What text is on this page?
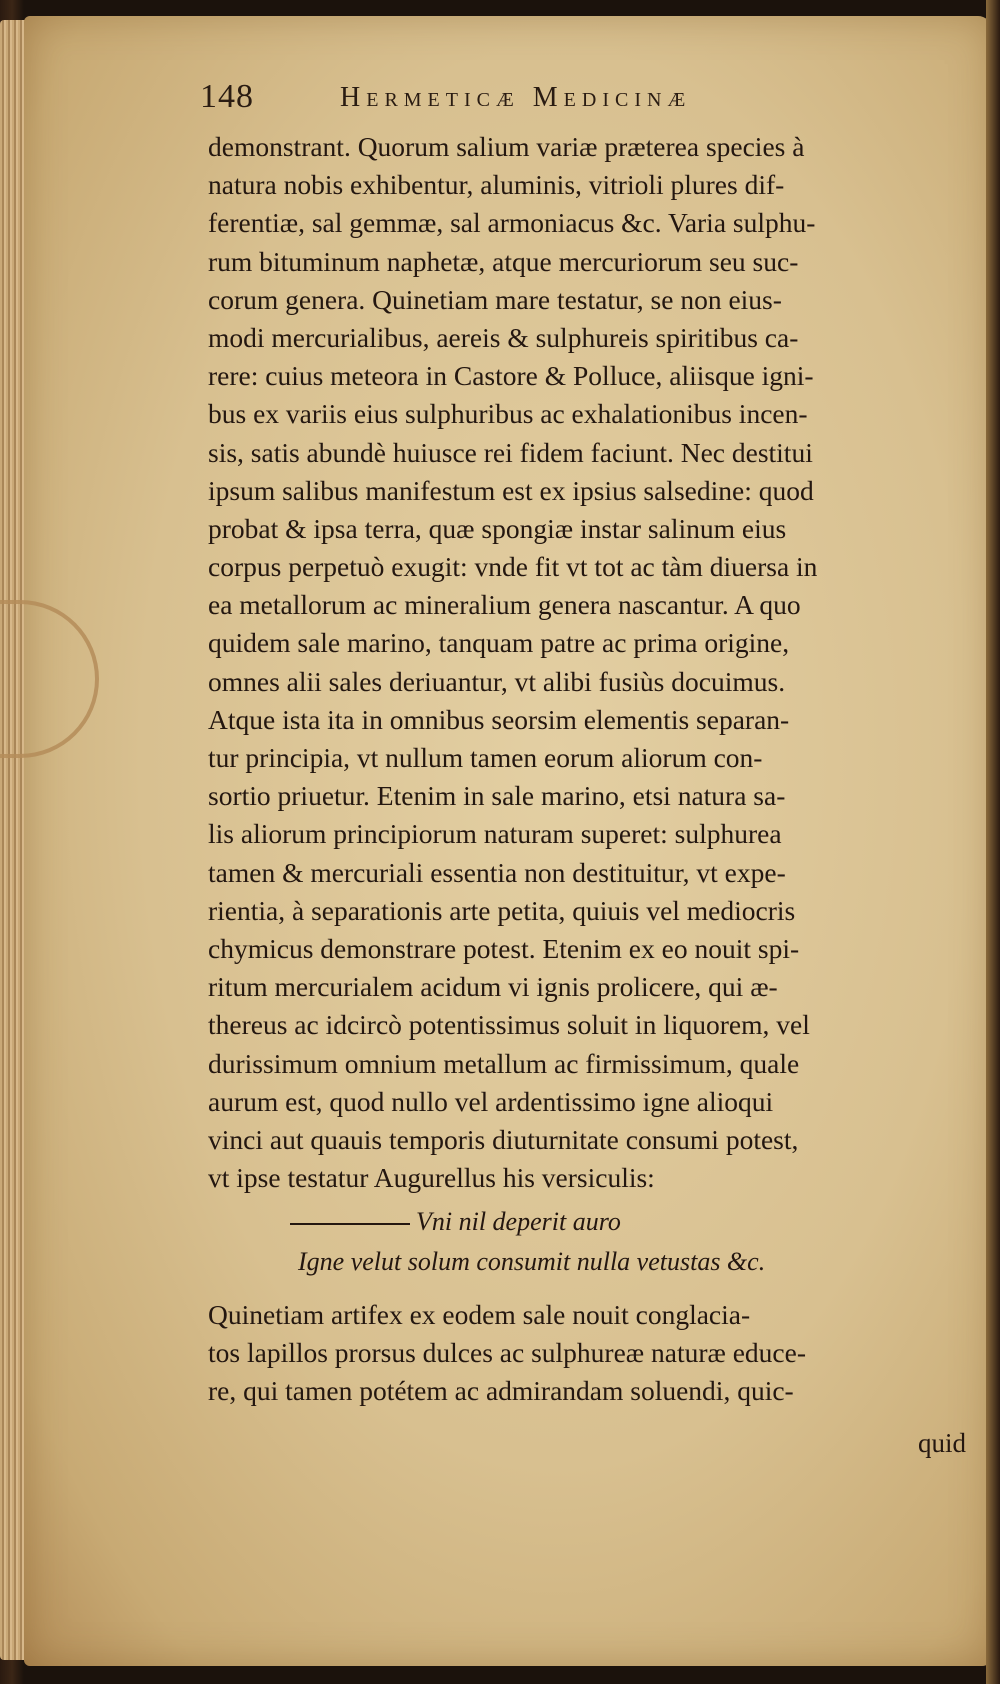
148	Hermeticæ Medicinæ
demonstrant. Quorum salium variæ præterea species à
natura nobis exhibentur, aluminis, vitrioli plures dif-
ferentiæ, sal gemmæ, sal armoniacus &c. Varia sulphu-
rum bituminum naphetæ, atque mercuriorum seu suc-
corum genera. Quinetiam mare testatur, se non eius-
modi mercurialibus, aereis & sulphureis spiritibus ca-
rere: cuius meteora in Castore & Polluce, aliisque igni-
bus ex variis eius sulphuribus ac exhalationibus incen-
sis, satis abundè huiusce rei fidem faciunt. Nec destitui
ipsum salibus manifestum est ex ipsius salsedine: quod
probat & ipsa terra, quæ spongiæ instar salinum eius
corpus perpetuò exugit: vnde fit vt tot ac tàm diuersa in
ea metallorum ac mineralium genera nascantur. A quo
quidem sale marino, tanquam patre ac prima origine,
omnes alii sales deriuantur, vt alibi fusiùs docuimus.
Atque ista ita in omnibus seorsim elementis separan-
tur principia, vt nullum tamen eorum aliorum con-
sortio priuetur. Etenim in sale marino, etsi natura sa-
lis aliorum principiorum naturam superet: sulphurea
tamen & mercuriali essentia non destituitur, vt expe-
rientia, à separationis arte petita, quiuis vel mediocris
chymicus demonstrare potest. Etenim ex eo nouit spi-
ritum mercurialem acidum vi ignis prolicere, qui æ-
thereus ac idcircò potentissimus soluit in liquorem, vel
durissimum omnium metallum ac firmissimum, quale
aurum est, quod nullo vel ardentissimo igne alioqui
vinci aut quauis temporis diuturnitate consumi potest,
vt ipse testatur Augurellus his versiculis:
Vni nil deperit auro
Igne velut solum consumit nulla vetustas &c.
Quinetiam artifex ex eodem sale nouit conglacia-
tos lapillos prorsus dulces ac sulphureæ naturæ educe-
re, qui tamen potétem ac admirandam soluendi, quic-
quid
